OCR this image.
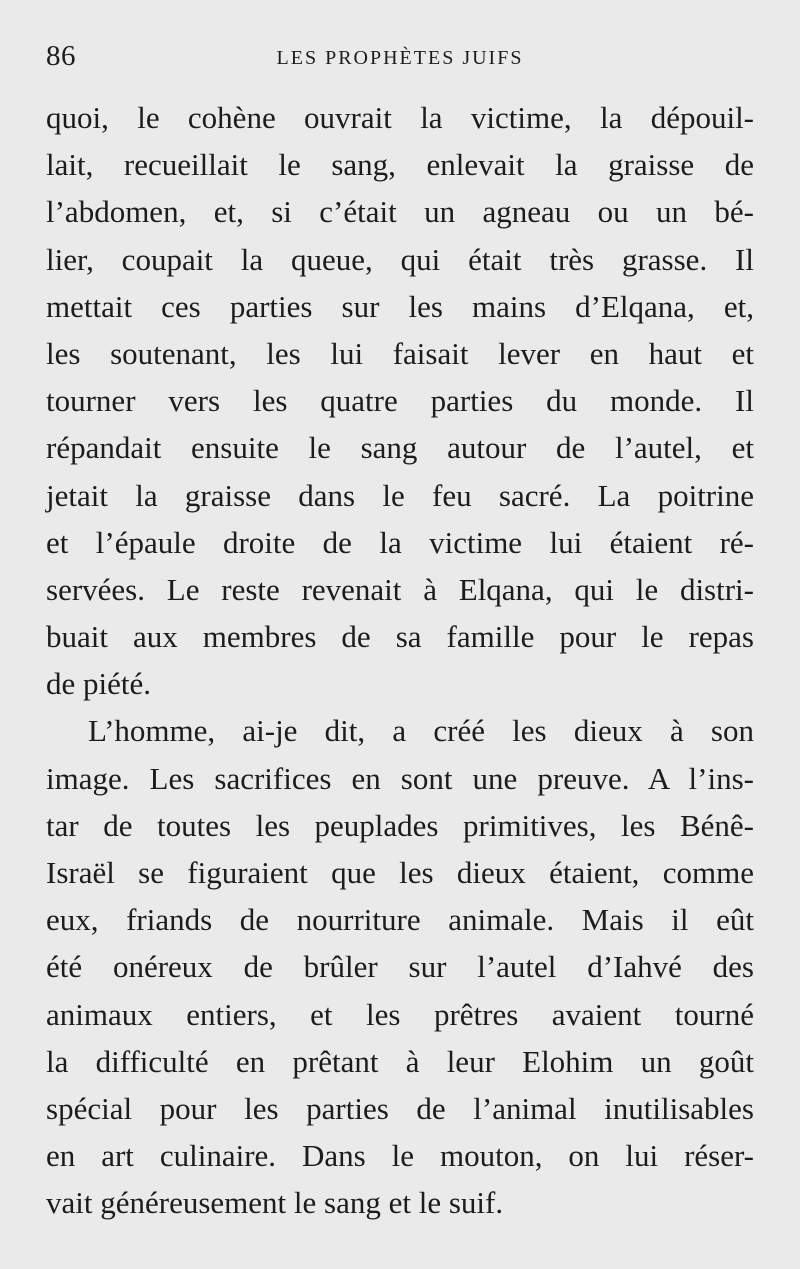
86	LES PROPHÈTES JUIFS
quoi, le cohène ouvrait la victime, la dépouil-
lait, recueillait le sang, enlevait la graisse de
l’abdomen, et, si c’était un agneau ou un bé-
lier, coupait la queue, qui était très grasse. Il
mettait ces parties sur les mains d’Elqana, et,
les soutenant, les lui faisait lever en haut et
tourner vers les quatre parties du monde. Il
répandait ensuite le sang autour de l’autel, et
jetait la graisse dans le feu sacré. La poitrine
et l’épaule droite de la victime lui étaient ré-
servées. Le reste revenait à Elqana, qui le distri-
buait aux membres de sa famille pour le repas
de piété.
L’homme, ai-je dit, a créé les dieux à son
image. Les sacrifices en sont une preuve. A l’ins-
tar de toutes les peuplades primitives, les Bénê-
Israël se figuraient que les dieux étaient, comme
eux, friands de nourriture animale. Mais il eût
été onéreux de brûler sur l’autel d’Iahvé des
animaux entiers, et les prêtres avaient tourné
la difficulté en prêtant à leur Elohim un goût
spécial pour les parties de l’animal inutilisables
en art culinaire. Dans le mouton, on lui réser-
vait généreusement le sang et le suif.
